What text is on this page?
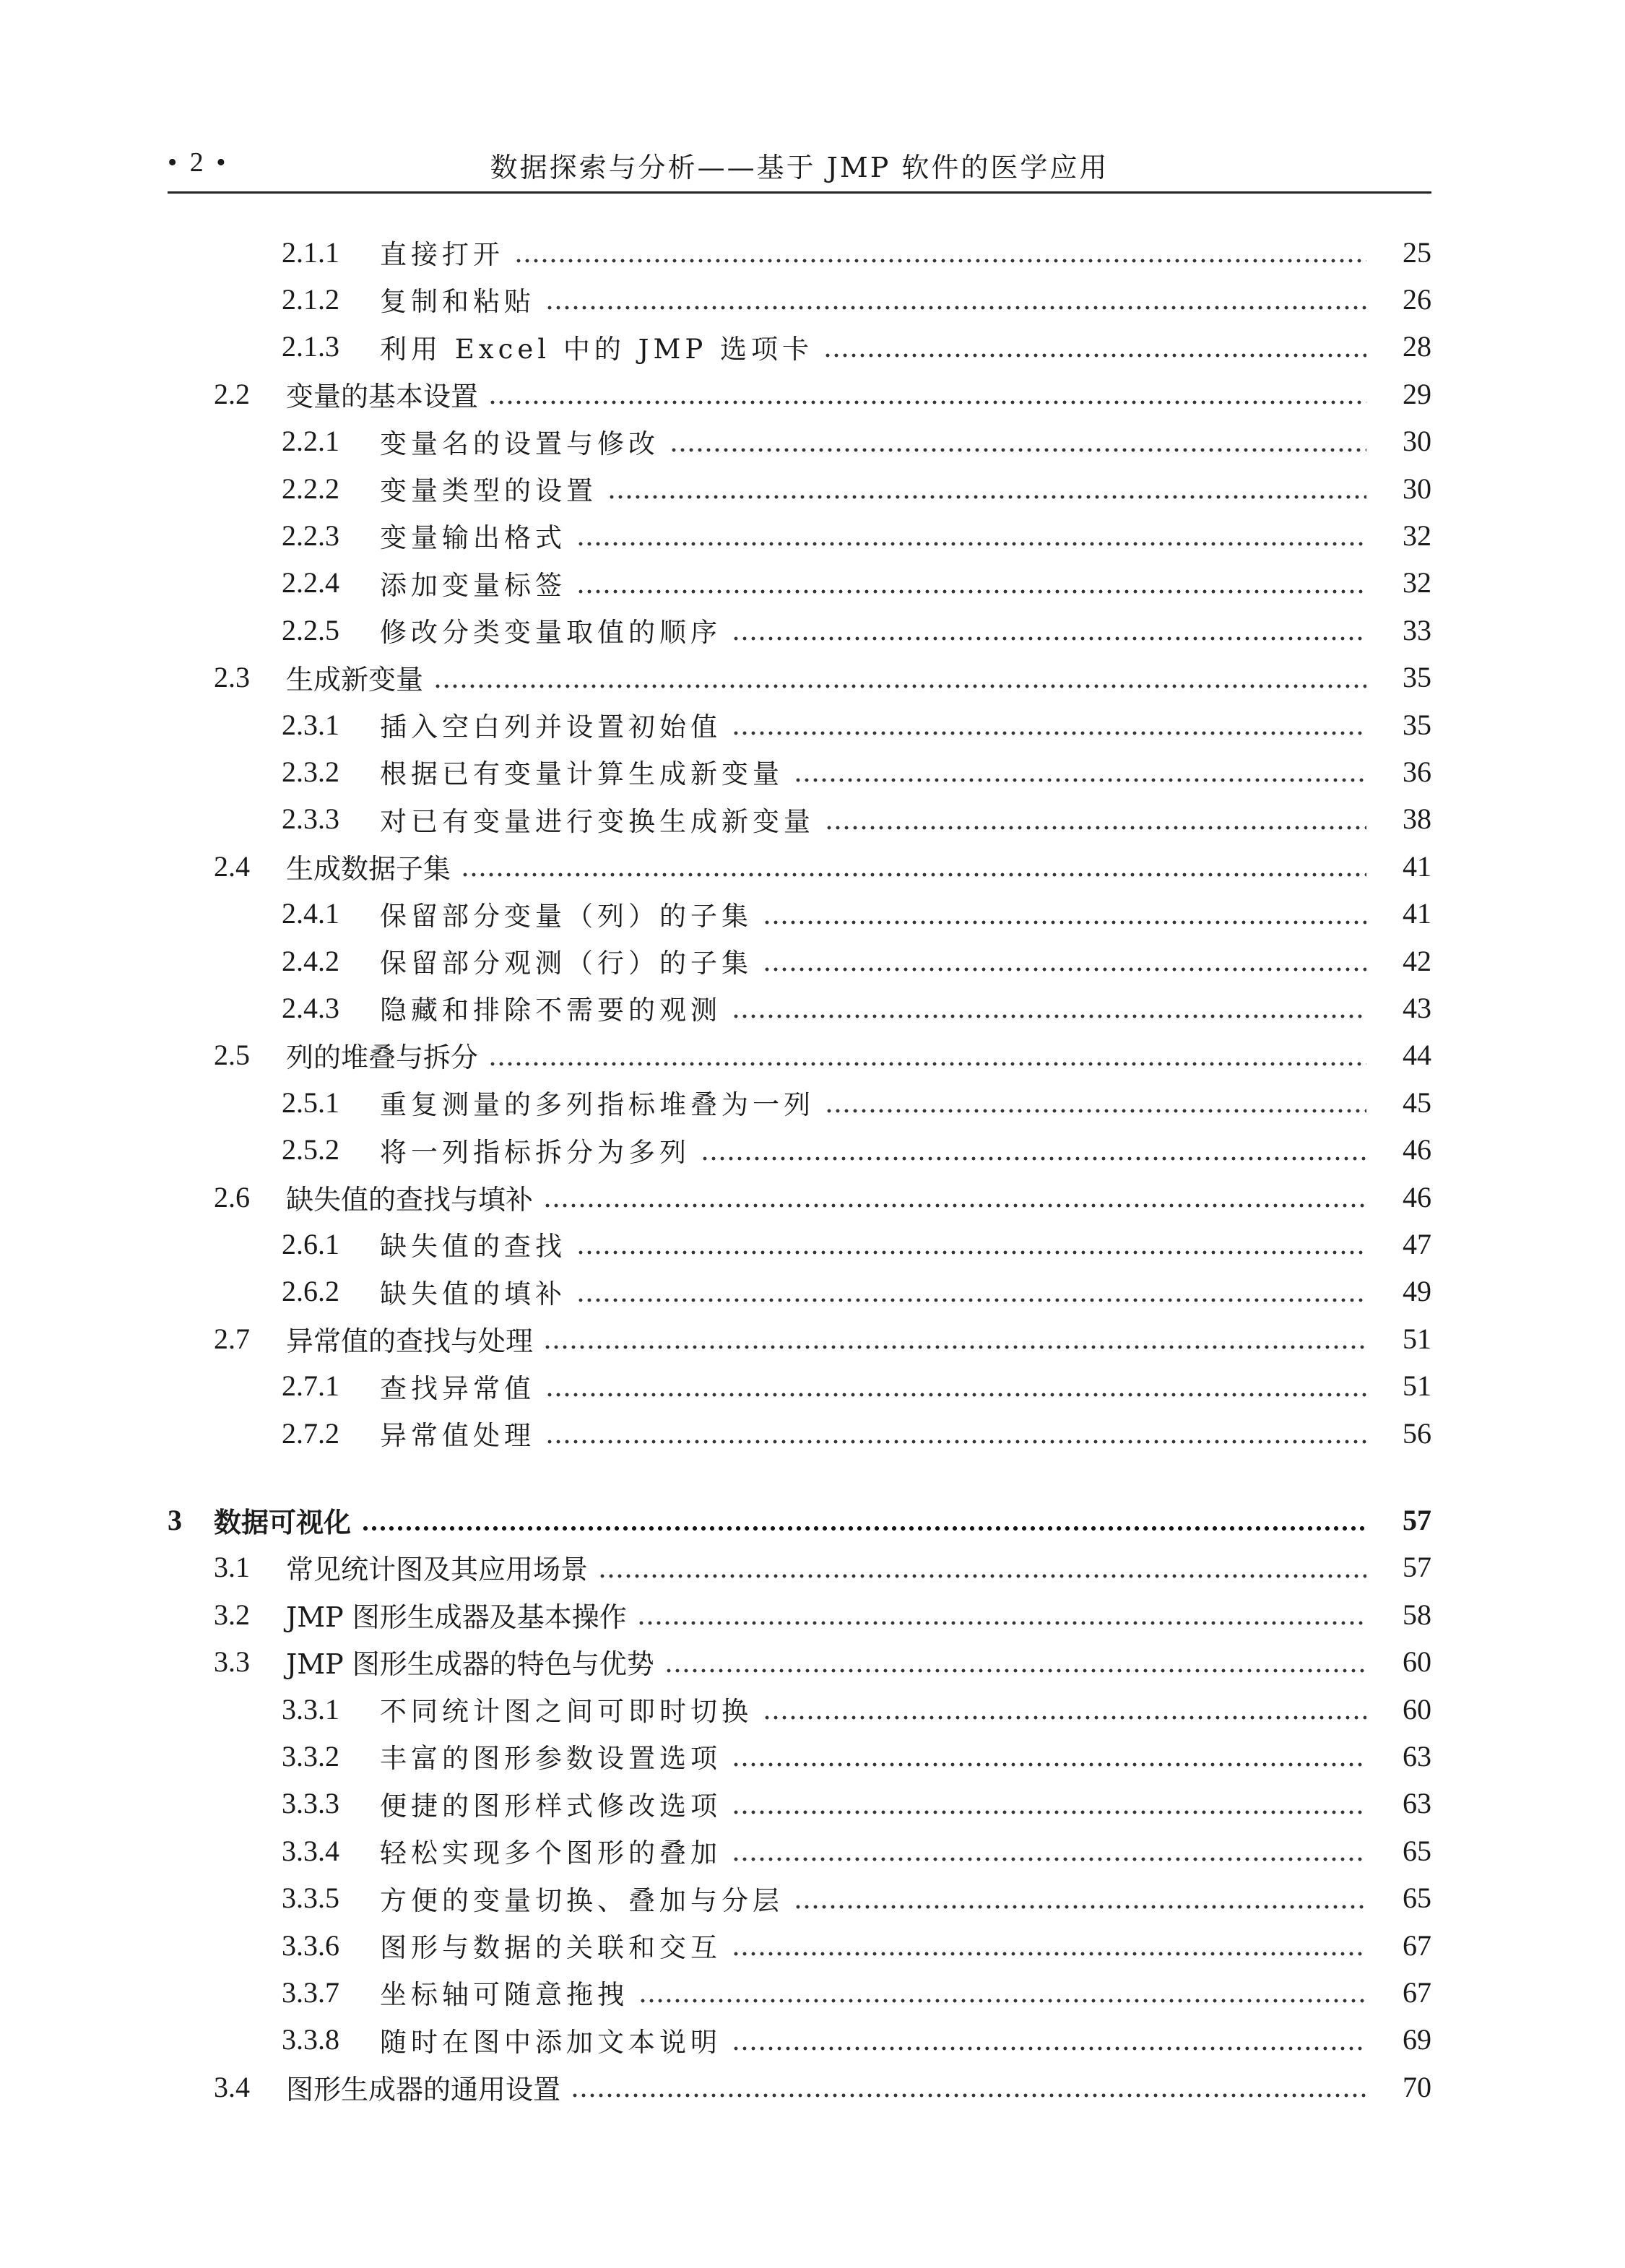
• 2 •	数据探索与分析——基于 JMP 软件的医学应用
2.1.1	直接打开	25
2.1.2	复制和粘贴	26
2.1.3	利用 Excel 中的 JMP 选项卡	28
2.2	变量的基本设置	29
2.2.1	变量名的设置与修改	30
2.2.2	变量类型的设置	30
2.2.3	变量输出格式	32
2.2.4	添加变量标签	32
2.2.5	修改分类变量取值的顺序	33
2.3	生成新变量	35
2.3.1	插入空白列并设置初始值	35
2.3.2	根据已有变量计算生成新变量	36
2.3.3	对已有变量进行变换生成新变量	38
2.4	生成数据子集	41
2.4.1	保留部分变量（列）的子集	41
2.4.2	保留部分观测（行）的子集	42
2.4.3	隐藏和排除不需要的观测	43
2.5	列的堆叠与拆分	44
2.5.1	重复测量的多列指标堆叠为一列	45
2.5.2	将一列指标拆分为多列	46
2.6	缺失值的查找与填补	46
2.6.1	缺失值的查找	47
2.6.2	缺失值的填补	49
2.7	异常值的查找与处理	51
2.7.1	查找异常值	51
2.7.2	异常值处理	56
3	数据可视化	57
3.1	常见统计图及其应用场景	57
3.2	JMP 图形生成器及基本操作	58
3.3	JMP 图形生成器的特色与优势	60
3.3.1	不同统计图之间可即时切换	60
3.3.2	丰富的图形参数设置选项	63
3.3.3	便捷的图形样式修改选项	63
3.3.4	轻松实现多个图形的叠加	65
3.3.5	方便的变量切换、叠加与分层	65
3.3.6	图形与数据的关联和交互	67
3.3.7	坐标轴可随意拖拽	67
3.3.8	随时在图中添加文本说明	69
3.4	图形生成器的通用设置	70
